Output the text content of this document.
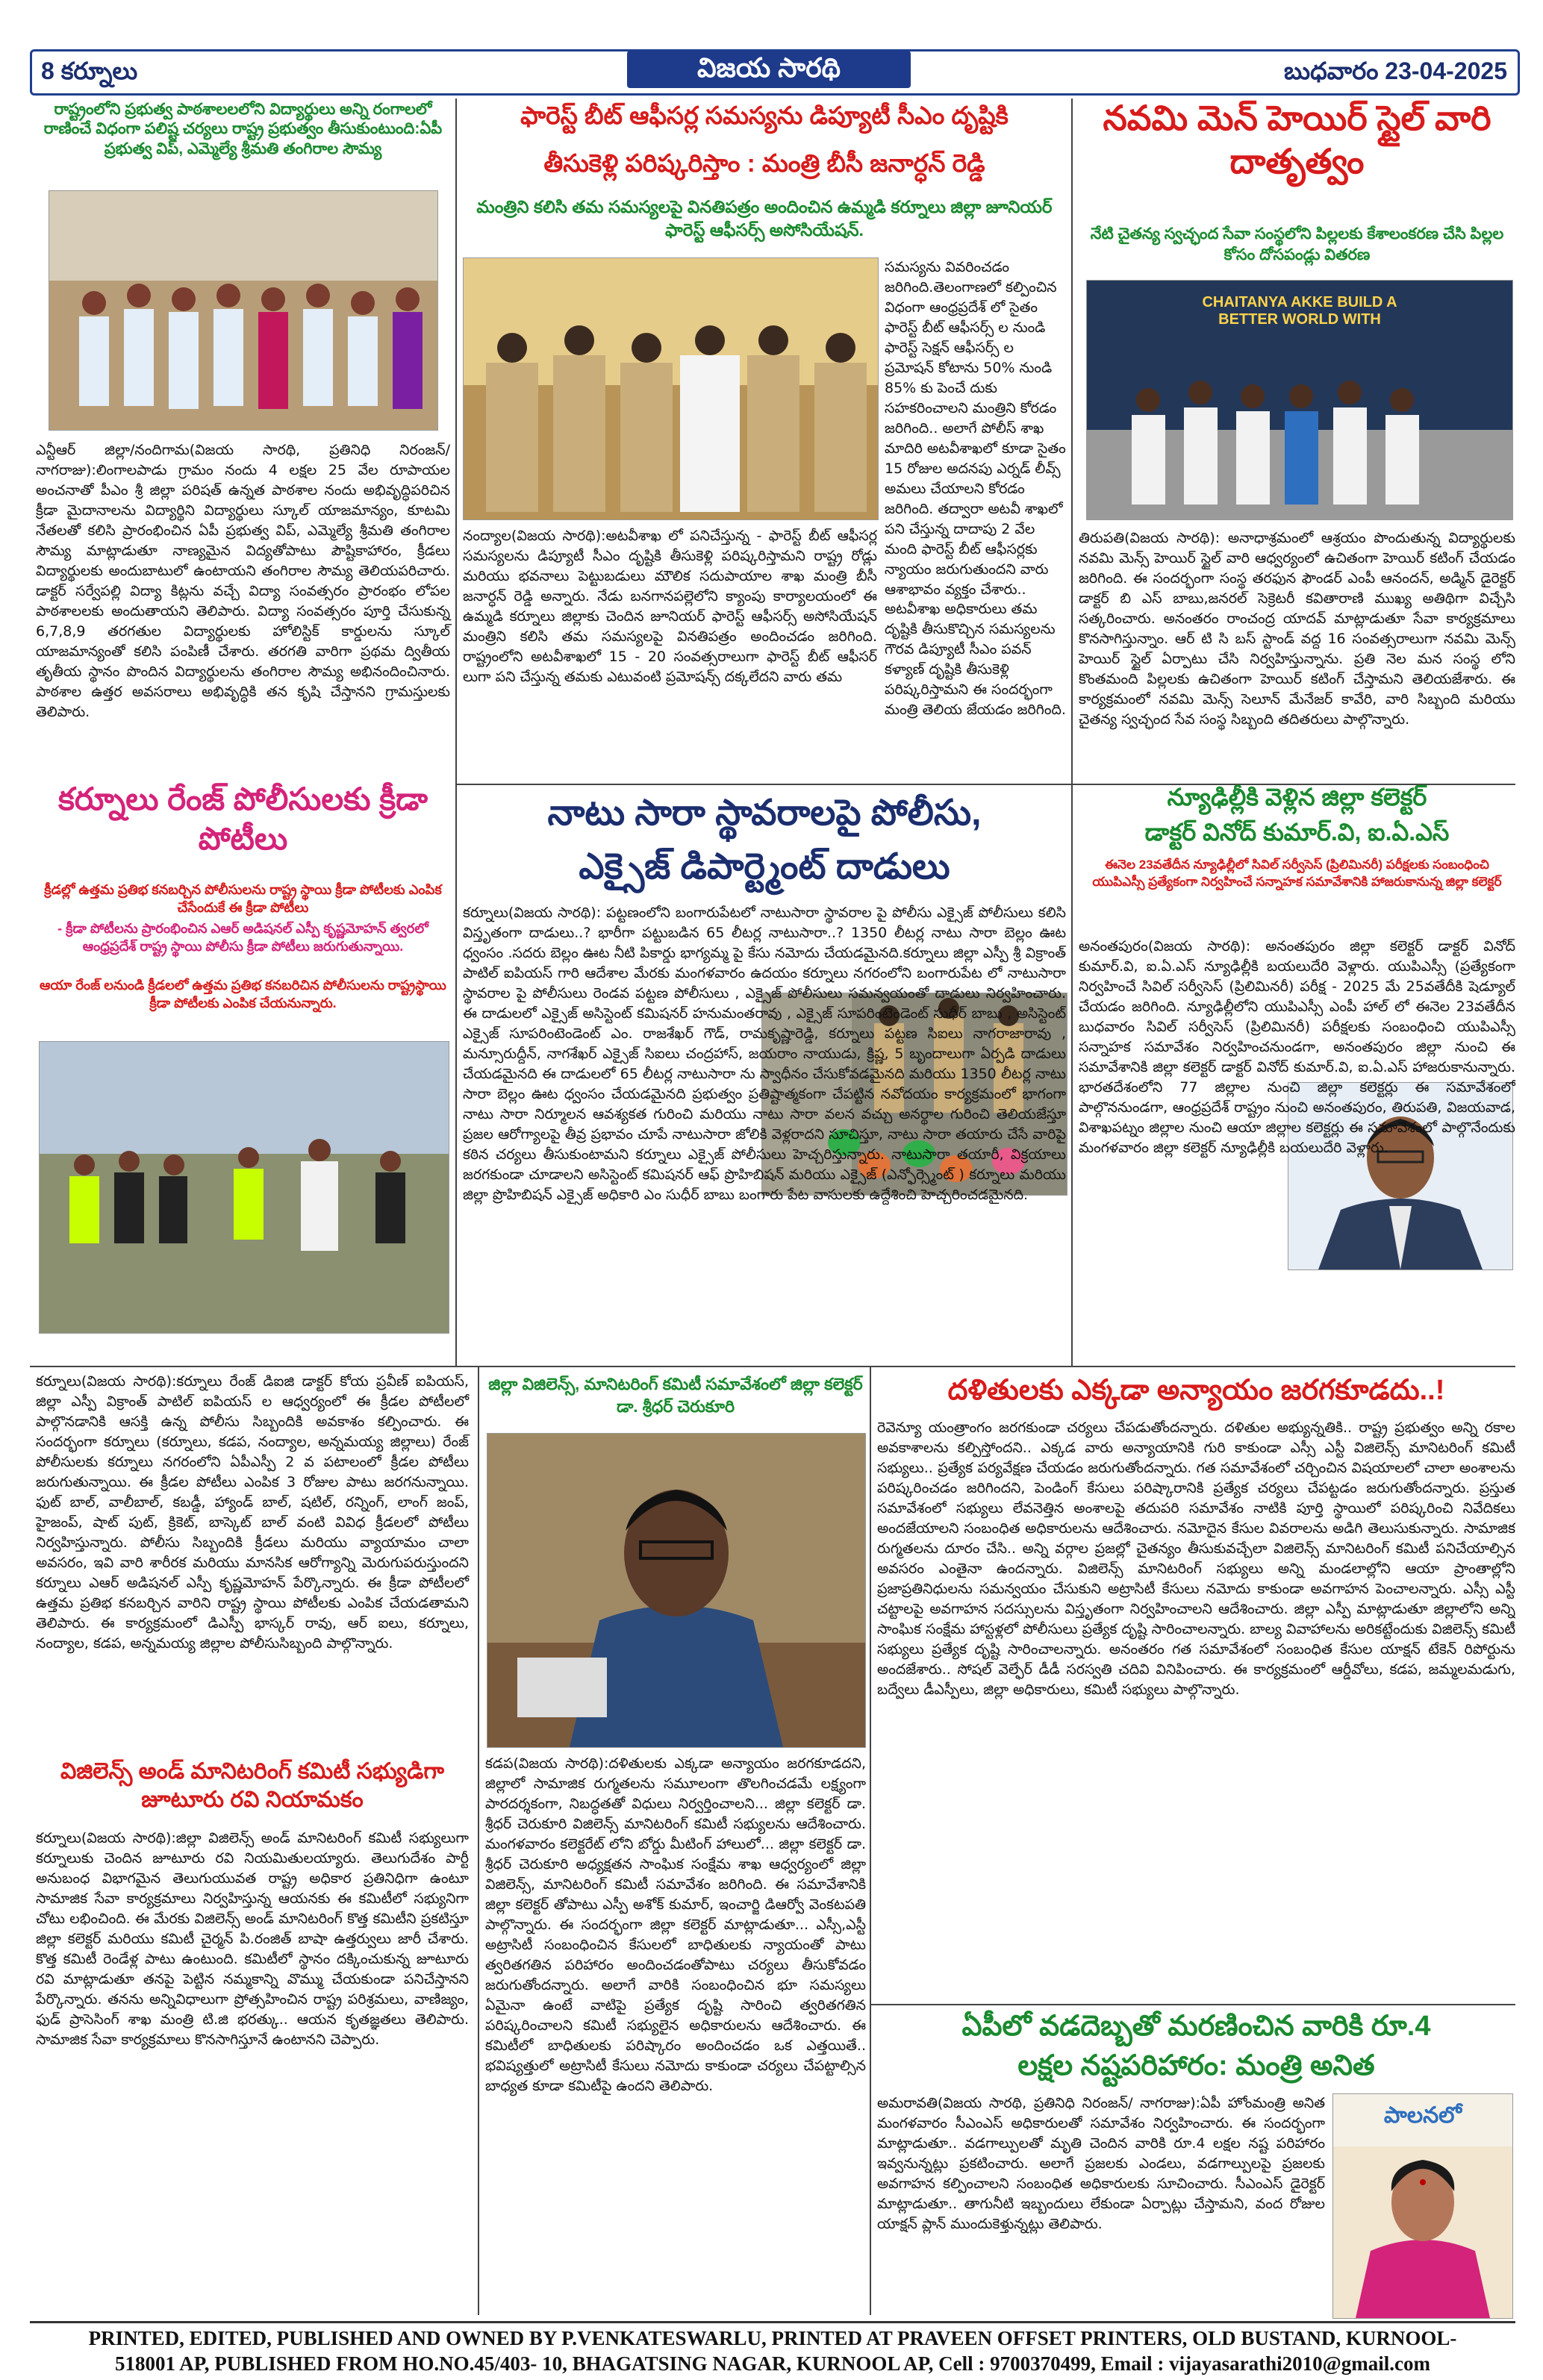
8 కర్నూలు	బుధవారం 23-04-2025
విజయ సారథి
రాష్ట్రంలోని ప్రభుత్వ పాఠశాలలలోని విద్యార్థులు అన్ని రంగాలలో రాణించే విధంగా పలిష్ట చర్యలు రాష్ట్ర ప్రభుత్వం తీసుకుంటుంది:ఏపీ ప్రభుత్వ విప్, ఎమ్మెల్యే శ్రీమతి తంగిరాల సౌమ్య
ఎన్టీఆర్ జిల్లా/నందిగామ(విజయ సారథి, ప్రతినిధి నిరంజన్/నాగరాజు):లింగాలపాడు గ్రామం నందు 4 లక్షల 25 వేల రూపాయల అంచనాతో పీఎం శ్రీ జిల్లా పరిషత్ ఉన్నత పాఠశాల నందు అభివృద్ధిపరిచిన క్రీడా మైదానాలను విద్యార్థిని విద్యార్థులు స్కూల్ యాజమాన్యం, కూటమి నేతలతో కలిసి ప్రారంభించిన ఏపీ ప్రభుత్వ విప్, ఎమ్మెల్యే శ్రీమతి తంగిరాల సౌమ్య మాట్లాడుతూ నాణ్యమైన విద్యతోపాటు పౌష్టికాహారం, క్రీడలు విద్యార్థులకు అందుబాటులో ఉంటాయని తంగిరాల సౌమ్య తెలియపరిచారు. డాక్టర్ సర్వేపల్లి విద్యా కిట్లను వచ్చే విద్యా సంవత్సరం ప్రారంభం లోపల పాఠశాలలకు అందుతాయని తెలిపారు. విద్యా సంవత్సరం పూర్తి చేసుకున్న 6,7,8,9 తరగతుల విద్యార్థులకు హోలిస్టిక్ కార్డులను స్కూల్ యాజమాన్యంతో కలిసి పంపిణీ చేశారు. తరగతి వారిగా ప్రథమ ద్వితీయ తృతీయ స్థానం పొందిన విద్యార్థులను తంగిరాల సౌమ్య అభినందించినారు. పాఠశాల ఉత్తర అవసరాలు అభివృద్ధికి తన కృషి చేస్తానని గ్రామస్తులకు తెలిపారు.
కర్నూలు రేంజ్ పోలీసులకు క్రీడా పోటీలు
క్రీడల్లో ఉత్తమ ప్రతిభ కనబర్చిన పోలీసులను రాష్ట్ర స్థాయి క్రీడా పోటీలకు ఎంపిక చేసేందుకే ఈ క్రీడా పోటీలు
- క్రీడా పోటీలను ప్రారంభించిన ఎఆర్ అడిషనల్ ఎస్పీ కృష్ణమోహన్ త్వరలో ఆంధ్రప్రదేశ్ రాష్ట్ర స్థాయి పోలీసు క్రీడా పోటీలు జరుగుతున్నాయి.
ఆయా రేంజ్ లనుండి క్రీడలలో ఉత్తమ ప్రతిభ కనబరిచిన పోలీసులను రాష్ట్రస్థాయి క్రీడా పోటీలకు ఎంపిక చేయనున్నారు.
కర్నూలు(విజయ సారథి):కర్నూలు రేంజ్ డిఐజి డాక్టర్ కోయ ప్రవీణ్ ఐపియస్, జిల్లా ఎస్పీ విక్రాంత్ పాటిల్ ఐపియస్ ల ఆధ్వర్యంలో ఈ క్రీడల పోటీలలో పాల్గొనడానికి ఆసక్తి ఉన్న పోలీసు సిబ్బందికి అవకాశం కల్పించారు. ఈ సందర్భంగా కర్నూలు (కర్నూలు, కడప, నంద్యాల, అన్నమయ్య జిల్లాలు) రేంజ్ పోలీసులకు కర్నూలు నగరంలోని ఏపీఎస్పీ 2 వ పటాలంలో క్రీడల పోటీలు జరుగుతున్నాయి. ఈ క్రీడల పోటీలు ఎంపిక 3 రోజుల పాటు జరగనున్నాయి. ఫుట్ బాల్, వాలీబాల్, కబడ్డీ, హ్యాండ్ బాల్, షటిల్, రన్నింగ్, లాంగ్ జంప్, హైజంప్, షాట్ పుట్, క్రికెట్, బాస్కెట్ బాల్ వంటి వివిధ క్రీడలలో పోటీలు నిర్వహిస్తున్నారు. పోలీసు సిబ్బందికి క్రీడలు మరియు వ్యాయామం చాలా అవసరం, ఇవి వారి శారీరక మరియు మానసిక ఆరోగ్యాన్ని మెరుగుపరుస్తుందని కర్నూలు ఎఆర్ అడిషనల్ ఎస్పీ కృష్ణమోహన్ పేర్కొన్నారు. ఈ క్రీడా పోటీలలో ఉత్తమ ప్రతిభ కనబర్చిన వారిని రాష్ట్ర స్థాయి పోటీలకు ఎంపిక చేయడతామని తెలిపారు. ఈ కార్యక్రమంలో డిఎస్పీ భాస్కర్ రావు, ఆర్ ఐలు, కర్నూలు, నంద్యాల, కడప, అన్నమయ్య జిల్లాల పోలీసుసిబ్బంది పాల్గొన్నారు.
విజిలెన్స్ అండ్ మానిటరింగ్ కమిటీ సభ్యుడిగా జూటూరు రవి నియామకం
కర్నూలు(విజయ సారథి):జిల్లా విజిలెన్స్ అండ్ మానిటరింగ్ కమిటీ సభ్యులుగా కర్నూలుకు చెందిన జూటూరు రవి నియమితులయ్యారు. తెలుగుదేశం పార్టీ అనుబంధ విభాగమైన తెలుగుయువత రాష్ట్ర అధికార ప్రతినిధిగా ఉంటూ సామాజిక సేవా కార్యక్రమాలు నిర్వహిస్తున్న ఆయనకు ఈ కమిటీలో సభ్యునిగా చోటు లభించింది. ఈ మేరకు విజిలెన్స్ అండ్ మానిటరింగ్ కొత్త కమిటీని ప్రకటిస్తూ జిల్లా కలెక్టర్ మరియు కమిటీ చైర్మన్ పి.రంజిత్ బాషా ఉత్తర్వులు జారీ చేశారు. కొత్త కమిటీ రెండేళ్ల పాటు ఉంటుంది. కమిటీలో స్థానం దక్కించుకున్న జూటూరు రవి మాట్లాడుతూ తనపై పెట్టిన నమ్మకాన్ని వొమ్ము చేయకుండా పనిచేస్తానని పేర్కొన్నారు. తనను అన్నివిధాలుగా ప్రోత్సహించిన రాష్ట్ర పరిశ్రమలు, వాణిజ్యం, ఫుడ్ ప్రాసెసింగ్ శాఖ మంత్రి టి.జి భరత్కు.. ఆయన కృతజ్ఞతలు తెలిపారు. సామాజిక సేవా కార్యక్రమాలు కొనసాగిస్తూనే ఉంటానని చెప్పారు.
ఫారెస్ట్ బీట్ ఆఫీసర్ల సమస్యను డిప్యూటీ సీఎం దృష్టికి
తీసుకెళ్లి పరిష్కరిస్తాం : మంత్రి బీసీ జనార్ధన్ రెడ్డి
మంత్రిని కలిసి తమ సమస్యలపై వినతిపత్రం అందించిన ఉమ్మడి కర్నూలు జిల్లా జూనియర్ ఫారెస్ట్ ఆఫీసర్స్ అసోసియేషన్.
సమస్యను వివరించడం జరిగింది.తెలంగాణలో కల్పించిన విధంగా ఆంధ్రప్రదేశ్ లో సైతం ఫారెస్ట్ బీట్ ఆఫీసర్స్ ల నుండి ఫారెస్ట్ సెక్షన్ ఆఫీసర్స్ ల ప్రమోషన్ కోటాను 50% నుండి 85% కు పెంచే దుకు సహకరించాలని మంత్రిని కోరడం జరిగింది.. అలాగే పోలీస్ శాఖ మాదిరి అటవీశాఖలో కూడా సైతం 15 రోజుల అదనపు ఎర్నడ్ లీవ్స్ అమలు చేయాలని కోరడం జరిగింది. తద్వారా అటవీ శాఖలో పని చేస్తున్న దాదాపు 2 వేల మంది ఫారెస్ట్ బీట్ ఆఫీసర్లకు న్యాయం జరుగుతుందని వారు ఆశాభావం వ్యక్తం చేశారు.. అటవీశాఖ అధికారులు తమ దృష్టికి తీసుకొచ్చిన సమస్యలను గౌరవ డిప్యూటీ సీఎం పవన్ కళ్యాణ్ దృష్టికి తీసుకెళ్లి పరిష్కరిస్తామని ఈ సందర్భంగా మంత్రి తెలియ జేయడం జరిగింది.
నంద్యాల(విజయ సారథి):అటవీశాఖ లో పనిచేస్తున్న - ఫారెస్ట్ బీట్ ఆఫీసర్ల సమస్యలను డిప్యూటీ సీఎం దృష్టికి తీసుకెళ్లి పరిష్కరిస్తామని రాష్ట్ర రోడ్లు మరియు భవనాలు పెట్టుబడులు మౌలిక సదుపాయాల శాఖ మంత్రి బీసీ జనార్ధన్ రెడ్డి అన్నారు. నేడు బనగానపల్లెలోని క్యాంపు కార్యాలయంలో ఈ ఉమ్మడి కర్నూలు జిల్లాకు చెందిన జూనియర్ ఫారెస్ట్ ఆఫీసర్స్ అసోసియేషన్ మంత్రిని కలిసి తమ సమస్యలపై వినతిపత్రం అందించడం జరిగింది. రాష్ట్రంలోని అటవీశాఖలో 15 - 20 సంవత్సరాలుగా ఫారెస్ట్ బీట్ ఆఫీసర్ లుగా పని చేస్తున్న తమకు ఎటువంటి ప్రమోషన్స్ దక్కలేదని వారు తమ
నవమి మెన్ హెయిర్ స్టైల్ వారి దాతృత్వం
నేటి చైతన్య స్వచ్ఛంద సేవా సంస్థలోని పిల్లలకు కేశాలంకరణ చేసి పిల్లల కోసం దోసపండ్లు వితరణ
CHAITANYA AKKE BUILD A BETTER WORLD WITH
తిరుపతి(విజయ సారథి): అనాధాశ్రమంలో ఆశ్రయం పొందుతున్న విద్యార్థులకు నవమి మెన్స్ హెయిర్ స్టైల్ వారి ఆధ్వర్యంలో ఉచితంగా హెయిర్ కటింగ్ చేయడం జరిగింది. ఈ సందర్భంగా సంస్థ తరఫున ఫౌండర్ ఎంపీ ఆనందన్, అడ్మిన్ డైరెక్టర్ డాక్టర్ బి ఎస్ బాబు,జనరల్ సెక్రెటరీ కవితారాణి ముఖ్య అతిథిగా విచ్చేసి సత్కరించారు. అనంతరం రాంచంద్ర యాదవ్ మాట్లాడుతూ సేవా కార్యక్రమాలు కొనసాగిస్తున్నాం. ఆర్ టి సి బస్ స్టాండ్ వద్ద 16 సంవత్సరాలుగా నవమి మెన్స్ హెయిర్ స్టైల్ ఏర్పాటు చేసి నిర్వహిస్తున్నాను. ప్రతి నెల మన సంస్థ లోని కొంతమంది పిల్లలకు ఉచితంగా హెయిర్ కటింగ్ చేస్తామని తెలియజేశారు. ఈ కార్యక్రమంలో నవమి మెన్స్ సెలూన్ మేనేజర్ కావేరి, వారి సిబ్బంది మరియు చైతన్య స్వచ్ఛంద సేవ సంస్థ సిబ్బంది తదితరులు పాల్గొన్నారు.
నాటు సారా స్థావరాలపై పోలీసు,
ఎక్సైజ్ డిపార్ట్మెంట్ దాడులు
కర్నూలు(విజయ సారథి): పట్టణంలోని బంగారుపేటలో నాటుసారా స్థావరాల పై పోలీసు ఎక్సైజ్ పోలీసులు కలిసి విస్తృతంగా దాడులు..? భారీగా పట్టుబడిన 65 లీటర్ల నాటుసారా..? 1350 లీటర్ల నాటు సారా బెల్లం ఊట ధ్వంసం .సదరు బెల్లం ఊట నీటి పికార్డు భాగ్యమ్మ పై కేసు నమోదు చేయడమైనది.కర్నూలు జిల్లా ఎస్పీ శ్రీ విక్రాంత్ పాటిల్ ఐపియస్ గారి ఆదేశాల మేరకు మంగళవారం ఉదయం కర్నూలు నగరంలోని బంగారుపేట లో నాటుసారా స్థావరాల పై పోలీసులు రెండవ పట్టణ పోలీసులు , ఎక్సైజ్ పోలీసులు సమన్వయంతో దాడులు నిర్వహించారు. ఈ దాడులలో ఎక్సైజ్ అసిస్టెంట్ కమిషనర్ హనుమంతరావు , ఎక్సైజ్ సూపరింటెండెంట్ సుధీర్ బాబు , అసిస్టెంట్ ఎక్సైజ్ సూపరింటెండెంట్ ఎం. రాజశేఖర్ గౌడ్, రామకృష్ణారెడ్డి, కర్నూలు పట్టణ సిఐలు నాగరాజారావు , మన్సూరుద్దీన్, నాగశేఖర్ ఎక్సైజ్ సిఐలు చంద్రహాస్, జయరాం నాయుడు, క్రిష్ణ, 5 బృందాలుగా ఏర్పడి దాడులు చేయడమైనది ఈ దాడులలో 65 లీటర్ల నాటుసారా ను స్వాధీనం చేసుకోవడమైనది మరియు 1350 లీటర్ల నాటు సారా బెల్లం ఊట ధ్వంసం చేయడమైనది ప్రభుత్వం ప్రతిష్టాత్మకంగా చేపట్టిన నవోదయం కార్యక్రమంలో భాగంగా నాటు సారా నిర్మూలన ఆవశ్యకత గురించి మరియు నాటు సారా వలన వచ్చు అనర్థాల గురించి తెలియజేస్తూ ప్రజల ఆరోగ్యాలపై తీవ్ర ప్రభావం చూపే నాటుసారా జోలికి వెళ్లరాదని సూచిస్తూ, నాటు సారా తయారు చేసే వారిపై కఠిన చర్యలు తీసుకుంటామని కర్నూలు ఎక్సైజ్ పోలీసులు హెచ్చరిస్తున్నారు. నాటుసారా తయారీ, విక్రయాలు జరగకుండా చూడాలని అసిస్టెంట్ కమిషనర్ ఆఫ్ ప్రొహిబిషన్ మరియు ఎక్సైజ్ (ఎన్ఫోర్స్మెంట్ ) కర్నూలు మరియు జిల్లా ప్రొహిబిషన్ ఎక్సైజ్ అధికారి ఎం సుధీర్ బాబు బంగారు పేట వాసులకు ఉద్దేశించి హెచ్చరించడమైనది.
న్యూఢిల్లీకి వెళ్లిన జిల్లా కలెక్టర్
డాక్టర్ వినోద్ కుమార్.వి, ఐ.ఏ.ఎస్
ఈనెల 23వతేదీన న్యూఢిల్లీలో సివిల్ సర్వీసెస్ (ప్రిలిమినరీ) పరీక్షలకు సంబంధించి యుపిఎస్సీ ప్రత్యేకంగా నిర్వహించే సన్నాహక సమావేశానికి హాజరుకానున్న జిల్లా కలెక్టర్
అనంతపురం(విజయ సారథి): అనంతపురం జిల్లా కలెక్టర్ డాక్టర్ వినోద్ కుమార్.వి, ఐ.ఏ.ఎస్ న్యూఢిల్లీకి బయలుదేరి వెళ్లారు. యుపిఎస్సీ (ప్రత్యేకంగా నిర్వహించే సివిల్ సర్వీసెస్ (ప్రిలిమినరీ) పరీక్ష - 2025 మే 25వతేదీకి షెడ్యూల్ చేయడం జరిగింది. న్యూఢిల్లీలోని యుపిఎస్సీ ఎంపీ హాల్ లో ఈనెల 23వతేదీన బుధవారం సివిల్ సర్వీసెస్ (ప్రిలిమినరీ) పరీక్షలకు సంబంధించి యుపిఎస్సీ సన్నాహక సమావేశం నిర్వహించనుండగా, అనంతపురం జిల్లా నుంచి ఈ సమావేశానికి జిల్లా కలెక్టర్ డాక్టర్ వినోద్ కుమార్.వి, ఐ.ఏ.ఎస్ హాజరుకానున్నారు. భారతదేశంలోని 77 జిల్లాల నుంచి జిల్లా కలెక్టర్లు ఈ సమావేశంలో పాల్గొననుండగా, ఆంధ్రప్రదేశ్ రాష్ట్రం నుంచి అనంతపురం, తిరుపతి, విజయవాడ, విశాఖపట్నం జిల్లాల నుంచి ఆయా జిల్లాల కలెక్టర్లు ఈ సమావేశంలో పాల్గొనేందుకు మంగళవారం జిల్లా కలెక్టర్ న్యూఢిల్లీకి బయలుదేరి వెళ్లారు.
జిల్లా విజిలెన్స్, మానిటరింగ్ కమిటీ సమావేశంలో జిల్లా కలెక్టర్ డా. శ్రీధర్ చెరుకూరి
కడప(విజయ సారథి):దళితులకు ఎక్కడా అన్యాయం జరగకూడదని, జిల్లాలో సామాజిక రుగ్మతలను సమూలంగా తొలగించడమే లక్ష్యంగా పారదర్శకంగా, నిబద్ధతతో విధులు నిర్వర్తించాలని... జిల్లా కలెక్టర్ డా. శ్రీధర్ చెరుకూరి విజిలెన్స్ మానిటరింగ్ కమిటీ సభ్యులను ఆదేశించారు. మంగళవారం కలెక్టరేట్ లోని బోర్డు మీటింగ్ హాలులో... జిల్లా కలెక్టర్ డా. శ్రీధర్ చెరుకూరి అధ్యక్షతన సాంఘిక సంక్షేమ శాఖ ఆధ్వర్యంలో జిల్లా విజిలెన్స్, మానిటరింగ్ కమిటీ సమావేశం జరిగింది. ఈ సమావేశానికి జిల్లా కలెక్టర్ తోపాటు ఎస్పీ అశోక్ కుమార్, ఇంచార్జి డిఆర్వో వెంకటపతి పాల్గొన్నారు. ఈ సందర్భంగా జిల్లా కలెక్టర్ మాట్లాడుతూ... ఎస్సీ,ఎస్టీ అట్రాసిటీ సంబంధించిన కేసులలో బాధితులకు న్యాయంతో పాటు త్వరితగతిన పరిహారం అందించడంతోపాటు చర్యలు తీసుకోవడం జరుగుతోందన్నారు. అలాగే వారికి సంబంధించిన భూ సమస్యలు ఏమైనా ఉంటే వాటిపై ప్రత్యేక దృష్టి సారించి త్వరితగతిన పరిష్కరించాలని కమిటీ సభ్యులైన అధికారులను ఆదేశించారు. ఈ కమిటీలో బాధితులకు పరిష్కారం అందించడం ఒక ఎత్తయితే.. భవిష్యత్తులో అట్రాసిటీ కేసులు నమోదు కాకుండా చర్యలు చేపట్టాల్సిన బాధ్యత కూడా కమిటీపై ఉందని తెలిపారు.
దళితులకు ఎక్కడా అన్యాయం జరగకూడదు..!
రెవెన్యూ యంత్రాంగం జరగకుండా చర్యలు చేపడుతోందన్నారు. దళితుల అభ్యున్నతికి.. రాష్ట్ర ప్రభుత్వం అన్ని రకాల అవకాశాలను కల్పిస్తోందని.. ఎక్కడ వారు అన్యాయానికి గురి కాకుండా ఎస్సీ ఎస్టీ విజిలెన్స్ మానిటరింగ్ కమిటీ సభ్యులు.. ప్రత్యేక పర్యవేక్షణ చేయడం జరుగుతోందన్నారు. గత సమావేశంలో చర్చించిన విషయాలలో చాలా అంశాలను పరిష్కరించడం జరిగిందని, పెండింగ్ కేసులు పరిష్కారానికి ప్రత్యేక చర్యలు చేపట్టడం జరుగుతోందన్నారు. ప్రస్తుత సమావేశంలో సభ్యులు లేవనెత్తిన అంశాలపై తదుపరి సమావేశం నాటికి పూర్తి స్థాయిలో పరిష్కరించి నివేదికలు అందజేయాలని సంబంధిత అధికారులను ఆదేశించారు. నమోదైన కేసుల వివరాలను అడిగి తెలుసుకున్నారు. సామాజిక రుగ్మతలను దూరం చేసి.. అన్ని వర్గాల ప్రజల్లో చైతన్యం తీసుకువచ్చేలా విజిలెన్స్ మానిటరింగ్ కమిటీ పనిచేయాల్సిన అవసరం ఎంతైనా ఉందన్నారు. విజిలెన్స్ మానిటరింగ్ సభ్యులు అన్ని మండలాల్లోని ఆయా ప్రాంతాల్లోని ప్రజాప్రతినిధులను సమన్వయం చేసుకుని అట్రాసిటీ కేసులు నమోదు కాకుండా అవగాహన పెంచాలన్నారు. ఎస్సీ ఎస్టీ చట్టాలపై అవగాహన సదస్సులను విస్తృతంగా నిర్వహించాలని ఆదేశించారు. జిల్లా ఎస్పీ మాట్లాడుతూ జిల్లాలోని అన్ని సాంఘిక సంక్షేమ హాస్టళ్లలో పోలీసులు ప్రత్యేక దృష్టి సారించాలన్నారు. బాల్య వివాహాలను అరికట్టేందుకు విజిలెన్స్ కమిటీ సభ్యులు ప్రత్యేక దృష్టి సారించాలన్నారు. అనంతరం గత సమావేశంలో సంబంధిత కేసుల యాక్షన్ టేకెన్ రిపోర్టును అందజేశారు.. సోషల్ వెల్ఫేర్ డీడీ సరస్వతి చదివి వినిపించారు. ఈ కార్యక్రమంలో ఆర్డీవోలు, కడప, జమ్మలమడుగు, బద్వేలు డీఎస్పీలు, జిల్లా అధికారులు, కమిటీ సభ్యులు పాల్గొన్నారు.
ఏపీలో వడదెబ్బతో మరణించిన వారికి రూ.4
లక్షల నష్టపరిహారం: మంత్రి అనిత
అమరావతి(విజయ సారథి, ప్రతినిధి నిరంజన్/ నాగరాజు):ఏపీ హోంమంత్రి అనిత మంగళవారం సీఎంఎస్ అధికారులతో సమావేశం నిర్వహించారు. ఈ సందర్భంగా మాట్లాడుతూ.. వడగాల్పులతో మృతి చెందిన వారికి రూ.4 లక్షల నష్ట పరిహారం ఇవ్వనున్నట్లు ప్రకటించారు. అలాగే ప్రజలకు ఎండలు, వడగాల్పులపై ప్రజలకు అవగాహన కల్పించాలని సంబంధిత అధికారులకు సూచించారు. సీఎంఎస్ డైరెక్టర్ మాట్లాడుతూ.. తాగునీటి ఇబ్బందులు లేకుండా ఏర్పాట్లు చేస్తామని, వంద రోజుల యాక్షన్ ప్లాన్ ముందుకెళ్తున్నట్లు తెలిపారు.
పాలనలో
PRINTED, EDITED, PUBLISHED AND OWNED BY P.VENKATESWARLU, PRINTED AT PRAVEEN OFFSET PRINTERS, OLD BUSTAND, KURNOOL-
518001 AP, PUBLISHED FROM HO.NO.45/403- 10, BHAGATSING NAGAR, KURNOOL AP, Cell : 9700370499, Email : vijayasarathi2010@gmail.com
